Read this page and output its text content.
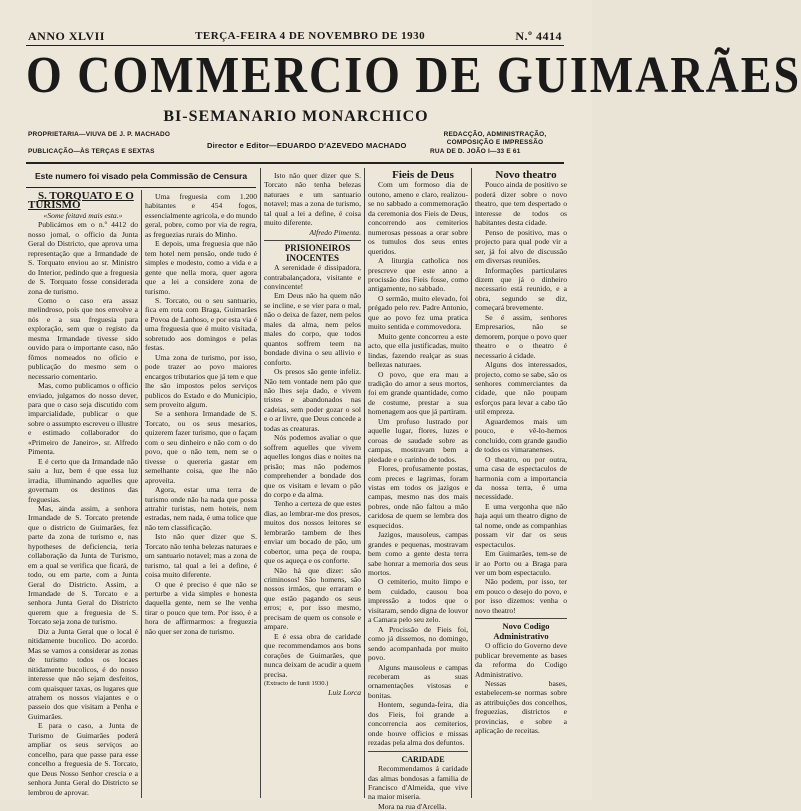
ANNO XLVII	TERÇA-FEIRA 4 DE NOVEMBRO DE 1930	N.º 4414
O COMMERCIO DE GUIMARÃES
BI-SEMANARIO MONARCHICO
PROPRIETARIA—VIUVA DE J. P. MACHADO
PUBLICAÇÃO—ÀS TERÇAS E SEXTAS
Director e Editor—EDUARDO D'AZEVEDO MACHADO
REDACÇÃO, ADMINISTRAÇÃO, COMPOSIÇÃO E IMPRESSÃO
RUA DE D. JOÃO I—33 E 61
Este numero foi visado pela Commissão de Censura

S. TORQUATO E O TURISMO

«Some feitavá mais esta.»

Publicámos em o n.º 4412 do nosso jornal, o officio da Junta Geral do Districto, que aprova uma representação que a Irmandade de S. Torquato enviou ao sr. Ministro do Interior, pedindo que a freguesia de S. Torquato fosse considerada zona de turismo.

Como o caso era assaz melindroso, pois que nos envolve a nós e a sua freguesia para exploração, sem que o registo da mesma Irmandade tivesse sido ouvido para o importante caso, não fômos nomeados no ofício e publicação do mesmo sem o necessario comentario.

Mas, como publicamos o officio enviado, julgamos do nosso dever, para que o caso seja discutido com imparcialidade, publicar o que sobre o assumpto escreveu o illustre e estimado collaborador do «Primeiro de Janeiro», sr. Alfredo Pimenta.

E é certo que da Irmandade não saiu a luz, bem é que essa luz irradia, illuminando aquelles que governam os destinos das freguesias.

Mas, ainda assim, a senhora Irmandade de S. Torcato pretende que o districto de Guimarães, fez parte da zona de turismo e, nas hypotheses de deficiencia, teria collaboração da Junta de Turismo, em a qual se verifica que ficará, de todo, ou em parte, com a Junta Geral do Districto. Assim, a Irmandade de S. Torcato e a senhora Junta Geral do Districto querem que a freguesia de S. Torcato seja zona de turismo.

Diz a Junta Geral que o local é nitidamente bucolico. Do acordo. Mas se vamos a considerar as zonas de turismo todos os locaes nitidamente bucolicos, é do nosso interesse que não sejam desfeitos, com quaisquer taxas, os lugares que atrahem os nossos viajantes e o passeio dos que visitam a Penha e Guimarães.

E para o caso, a Junta de Turismo de Guimarães poderá ampliar os seus serviços ao concelho, para que passe para esse concelho a freguesia de S. Torcato, que Deus Nosso Senhor crescia e a senhora Junta Geral do Districto se lembrou de aprovar.

Uma freguesia com 1.200 habitantes e 454 fogos, essencialmente agricola, e do mundo geral, pobre, como por via de regra, as freguezias rurais do Minho.

E depois, uma freguesia que não tem hotel nem pensão, onde tudo é simples e modesto, como a vida e a gente que nella mora, quer agora que a lei a considere zona de turismo.

S. Torcato, ou o seu santuario, fica em rota com Braga, Guimarães e Povoa de Lanhoso, e por esta via é uma freguesia que é muito visitada, sobretudo aos domingos e pelas festas.

Uma zona de turismo, por isso, pode trazer ao povo maiores encargos tributarios que já tem e que lhe são impostos pelos serviços publicos do Estado e do Municipio, sem proveito algum.

Se a senhora Irmandade de S. Torcato, ou os seus mesarios, quizerem fazer turismo, que o façam com o seu dinheiro e não com o do povo, que o não tem, nem se o tivesse o quereria gastar em semelhante coisa, que lhe não aproveita.

Agora, estar uma terra de turismo onde não ha nada que possa attrahir turistas, nem hoteis, nem estradas, nem nada, é uma tolice que não tem classificação.

Isto não quer dizer que S. Torcato não tenha belezas naturaes e um santuario notavel; mas a zona de turismo, tal qual a lei a define, é coisa muito diferente.

O que é preciso é que não se perturbe a vida simples e honesta daquella gente, nem se lhe venha tirar o pouco que tem. Por isso, é a hora de affirmarmos: a freguezia não quer ser zona de turismo.

Isto não quer dizer que S. Torcato não tenha belezas naturaes e um santuario notavel; mas a zona de turismo, tal qual a lei a define, é coisa muito diferente.

Alfredo Pimenta.

PRISIONEIROS INOCENTES

A serenidade é dissipadora, contrabalançadora, visitante e convincente!

Em Deus não ha quem não se incline, e se vier para o mal, não o deixa de fazer, nem pelos males da alma, nem pelos males do corpo, que todos quantos soffrem teem na bondade divina o seu allivio e conforto.

Os presos são gente infeliz. Não tem vontade nem pão que não lhes seja dado, e vivem tristes e abandonados nas cadeias, sem poder gozar o sol e o ar livre, que Deus concede a todas as creaturas.

Nós podemos avaliar o que soffrem aquelles que vivem aquelles longos dias e noites na prisão; mas não podemos comprehender a bondade dos que os visitam e levam o pão do corpo e da alma.

Tenho a certeza de que estes dias, ao lembrar-me dos presos, muitos dos nossos leitores se lembrarão tambem de lhes enviar um bocado de pão, um cobertor, uma peça de roupa, que os aqueça e os conforte.

Não há que dizer: são criminosos! São homens, são nossos irmãos, que erraram e que estão pagando os seus erros; e, por isso mesmo, precisam de quem os console e ampare.

E é essa obra de caridade que recommendamos aos bons corações de Guimarães, que nunca deixam de acudir a quem precisa.

(Extracto de Iunii 1930.)

Luiz Lorca

Fieis de Deus

Com um formoso dia de outono, ameno e claro, realizou-se no sabbado a commemoração da ceremonia dos Fieis de Deus, concorrendo aos cemiterios numerosas pessoas a orar sobre os tumulos dos seus entes queridos.

A liturgia catholica nos prescreve que este anno a procissão dos Fieis fosse, como antigamente, no sabbado.

O sermão, muito elevado, foi prégado pelo rev. Padre Antonio, que ao povo fez uma pratica muito sentida e commovedora.

Muito gente concorreu a este acto, que ella justificadas, muito lindas, fazendo realçar as suas bellezas naturaes.

O povo, que era mau a tradição do amor a seus mortos, foi em grande quantidade, como de costume, prestar a sua homenagem aos que já partiram.

Um profuso lustrado por aquelle lugar, flores, luzes e coroas de saudade sobre as campas, mostravam bem a piedade e o carinho de todos.

Flores, profusamente postas, com preces e lagrimas, foram vistas em todos os jazigos e campas, mesmo nas dos mais pobres, onde não faltou a mão caridosa de quem se lembra dos esquecidos.

Jazigos, mausoleus, campas grandes e pequenas, mostravam bem como a gente desta terra sabe honrar a memoria dos seus mortos.

O cemiterio, muito limpo e bem cuidado, causou boa impressão a todos que o visitaram, sendo digna de louvor a Camara pelo seu zelo.

A Procissão de Fieis foi, como já dissemos, no domingo, sendo acompanhada por muito povo.

Alguns mausoleus e campas receberam as suas ornamentações vistosas e bonitas.

Hontem, segunda-feira, dia dos Fieis, foi grande a concorrencia aos cemiterios, onde houve officios e missas rezadas pela alma dos defuntos.

CARIDADE

Recommendamos á caridade das almas bondosas a familia de Francisco d'Almeida, que vive na maior miseria.

Mora na rua d'Arcella.

Novo theatro

Pouco ainda de positivo se poderá dizer sobre o novo theatro, que tem despertado o interesse de todos os habitantes desta cidade.

Penso de positivo, mas o projecto para qual pode vir a ser, já foi alvo de discussão em diversas reuniões.

Informações particulares dizem que já o dinheiro necessario está reunido, e a obra, segundo se diz, começará brevemente.

Se é assim, senhores Empresarios, não se demorem, porque o povo quer theatro e o theatro é necessario á cidade.

Alguns dos interessados, projecto, como se sabe, são os senhores commerciantes da cidade, que não poupam esforços para levar a cabo tão util empreza.

Aguardemos mais um pouco, e vê-lo-hemos concluido, com grande gaudio de todos os vimaranenses.

O theatro, ou por outra, uma casa de espectaculos de harmonia com a importancia da nossa terra, é uma necessidade.

E uma vergonha que não haja aqui um theatro digno de tal nome, onde as companhias possam vir dar os seus espectaculos.

Em Guimarães, tem-se de ir ao Porto ou a Braga para ver um bom espectaculo.

Não podem, por isso, ter em pouco o desejo do povo, e por isso dizemos: venha o novo theatro!

Novo Codigo Administrativo

O officio do Governo deve publicar brevemente as bases da reforma do Codigo Administrativo.

Nessas bases, estabelecem-se normas sobre as attribuições dos concelhos, freguezias, districtos e provincias, e sobre a aplicação de receitas.
